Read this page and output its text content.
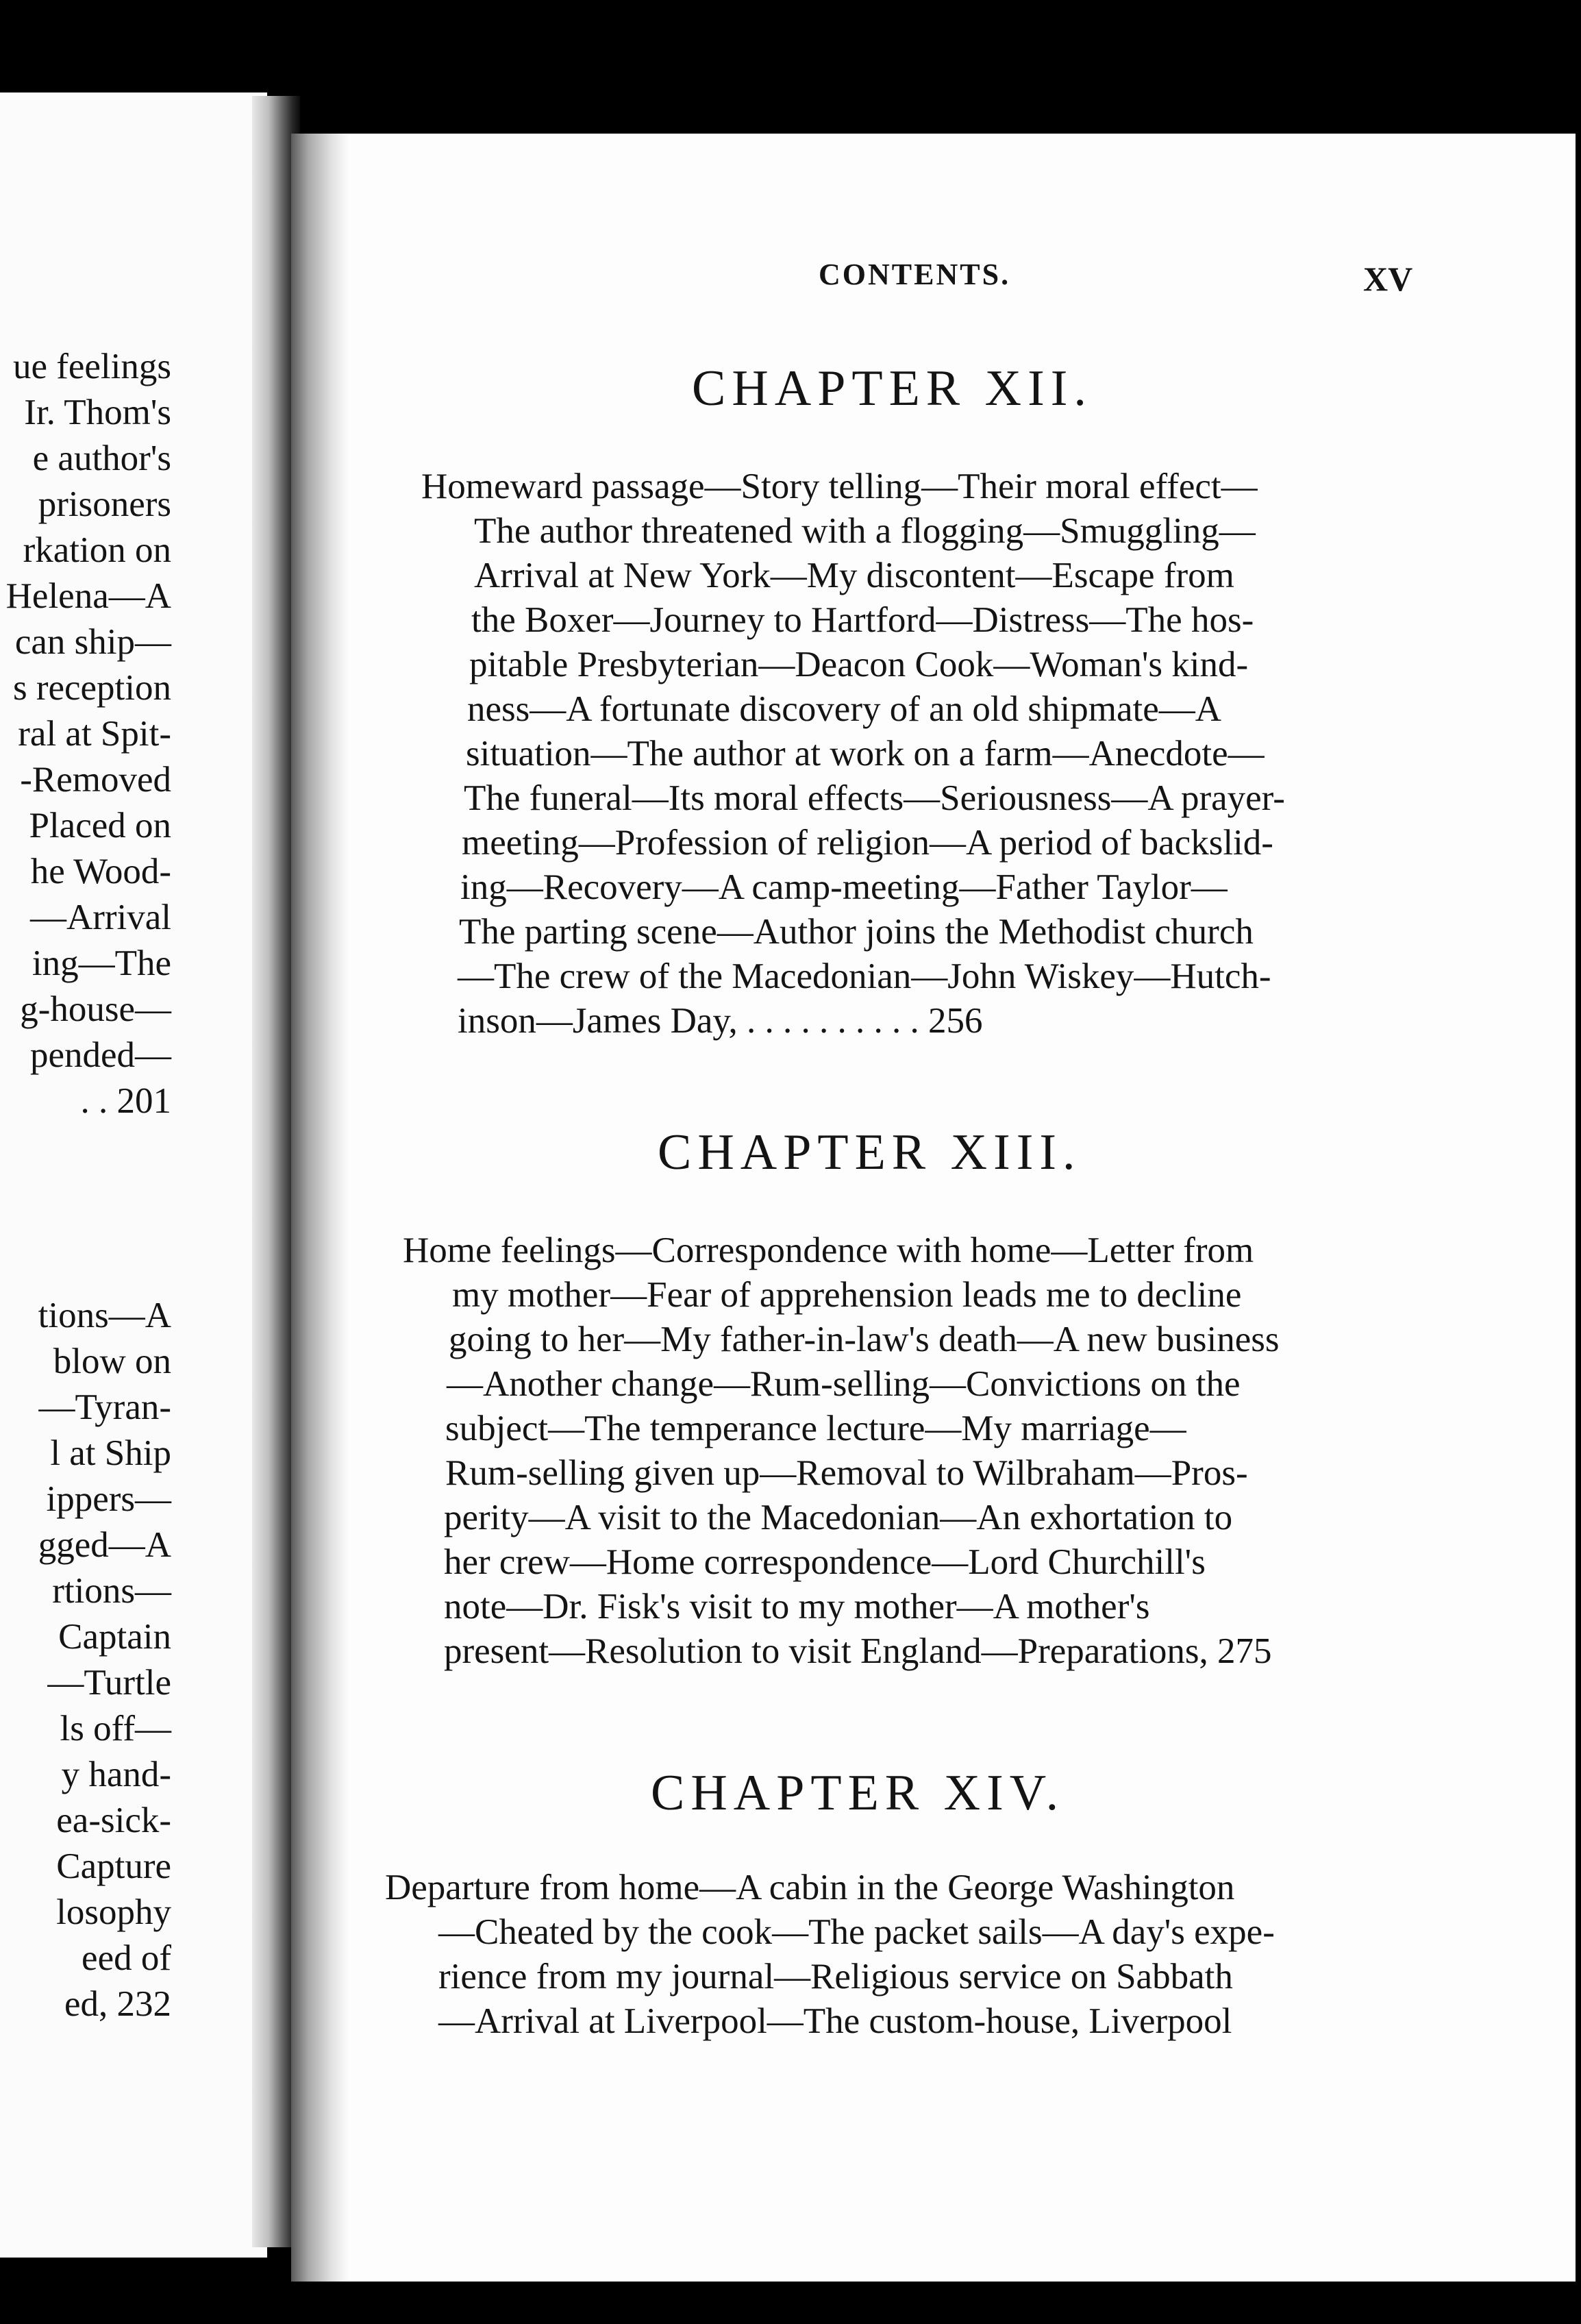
ue feelings
Ir. Thom's
e author's
prisoners
rkation on
Helena—A
can ship—
s reception
ral at Spit-
-Removed
Placed on
he Wood-
—Arrival
ing—The
g-house—
pended—
. . 201
tions—A
blow on
—Tyran-
l at Ship
ippers—
gged—A
rtions—
Captain
—Turtle
ls off—
y hand-
ea-sick-
Capture
losophy
eed of
ed, 232
CONTENTS.	XV
CHAPTER XII.
Homeward passage—Story telling—Their moral effect—
The author threatened with a flogging—Smuggling—
Arrival at New York—My discontent—Escape from
the Boxer—Journey to Hartford—Distress—The hos-
pitable Presbyterian—Deacon Cook—Woman's kind-
ness—A fortunate discovery of an old shipmate—A
situation—The author at work on a farm—Anecdote—
The funeral—Its moral effects—Seriousness—A prayer-
meeting—Profession of religion—A period of backslid-
ing—Recovery—A camp-meeting—Father Taylor—
The parting scene—Author joins the Methodist church
—The crew of the Macedonian—John Wiskey—Hutch-
inson—James Day, . . . . . . . . . . 256
CHAPTER XIII.
Home feelings—Correspondence with home—Letter from
my mother—Fear of apprehension leads me to decline
going to her—My father-in-law's death—A new business
—Another change—Rum-selling—Convictions on the
subject—The temperance lecture—My marriage—
Rum-selling given up—Removal to Wilbraham—Pros-
perity—A visit to the Macedonian—An exhortation to
her crew—Home correspondence—Lord Churchill's
note—Dr. Fisk's visit to my mother—A mother's
present—Resolution to visit England—Preparations, 275
CHAPTER XIV.
Departure from home—A cabin in the George Washington
—Cheated by the cook—The packet sails—A day's expe-
rience from my journal—Religious service on Sabbath
—Arrival at Liverpool—The custom-house, Liverpool
